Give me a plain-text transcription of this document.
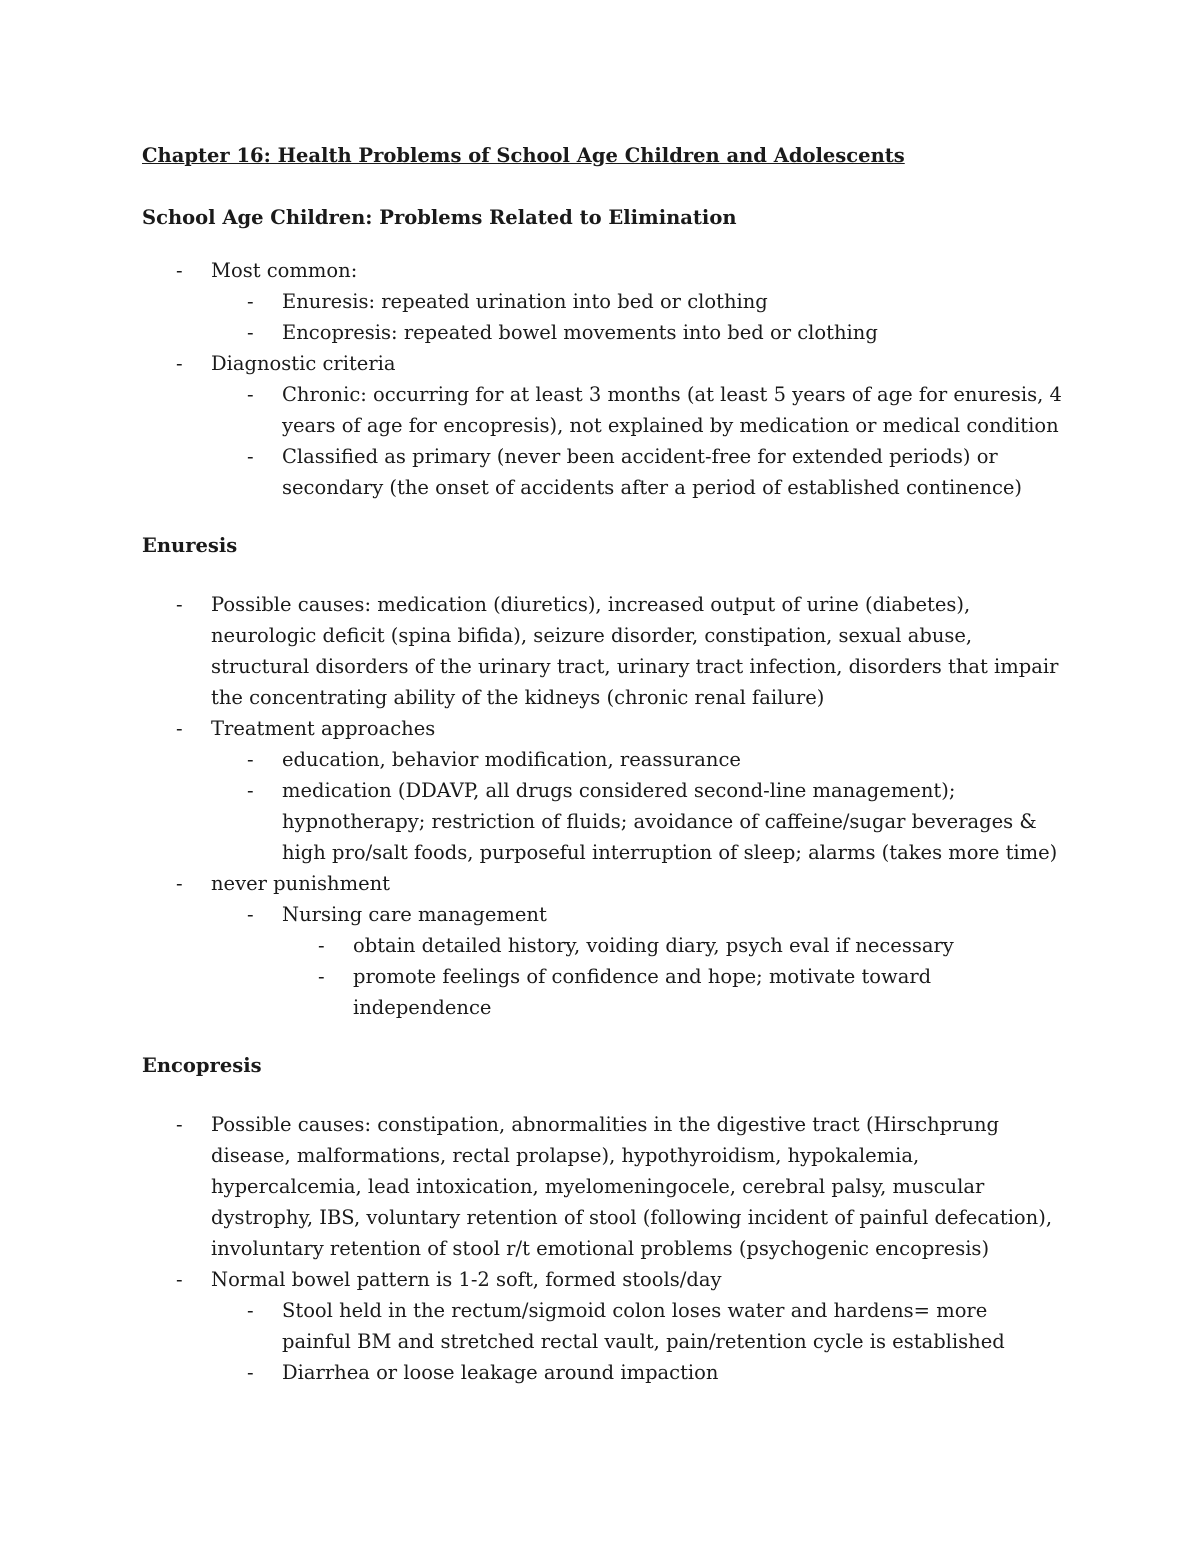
Chapter 16: Health Problems of School Age Children and Adolescents
School Age Children: Problems Related to Elimination
-	Most common:
-	Enuresis: repeated urination into bed or clothing
-	Encopresis: repeated bowel movements into bed or clothing
-	Diagnostic criteria
-	Chronic: occurring for at least 3 months (at least 5 years of age for enuresis, 4 years of age for encopresis), not explained by medication or medical condition
-	Classified as primary (never been accident-free for extended periods) or secondary (the onset of accidents after a period of established continence)
Enuresis
-	Possible causes: medication (diuretics), increased output of urine (diabetes), neurologic deficit (spina bifida), seizure disorder, constipation, sexual abuse, structural disorders of the urinary tract, urinary tract infection, disorders that impair the concentrating ability of the kidneys (chronic renal failure)
-	Treatment approaches
-	education, behavior modification, reassurance
-	medication (DDAVP, all drugs considered second-line management); hypnotherapy; restriction of fluids; avoidance of caffeine/sugar beverages & high pro/salt foods, purposeful interruption of sleep; alarms (takes more time)
-	never punishment
-	Nursing care management
-	obtain detailed history, voiding diary, psych eval if necessary
-	promote feelings of confidence and hope; motivate toward independence
Encopresis
-	Possible causes: constipation, abnormalities in the digestive tract (Hirschprung disease, malformations, rectal prolapse), hypothyroidism, hypokalemia, hypercalcemia, lead intoxication, myelomeningocele, cerebral palsy, muscular dystrophy, IBS, voluntary retention of stool (following incident of painful defecation), involuntary retention of stool r/t emotional problems (psychogenic encopresis)
-	Normal bowel pattern is 1-2 soft, formed stools/day
-	Stool held in the rectum/sigmoid colon loses water and hardens= more painful BM and stretched rectal vault, pain/retention cycle is established
-	Diarrhea or loose leakage around impaction
